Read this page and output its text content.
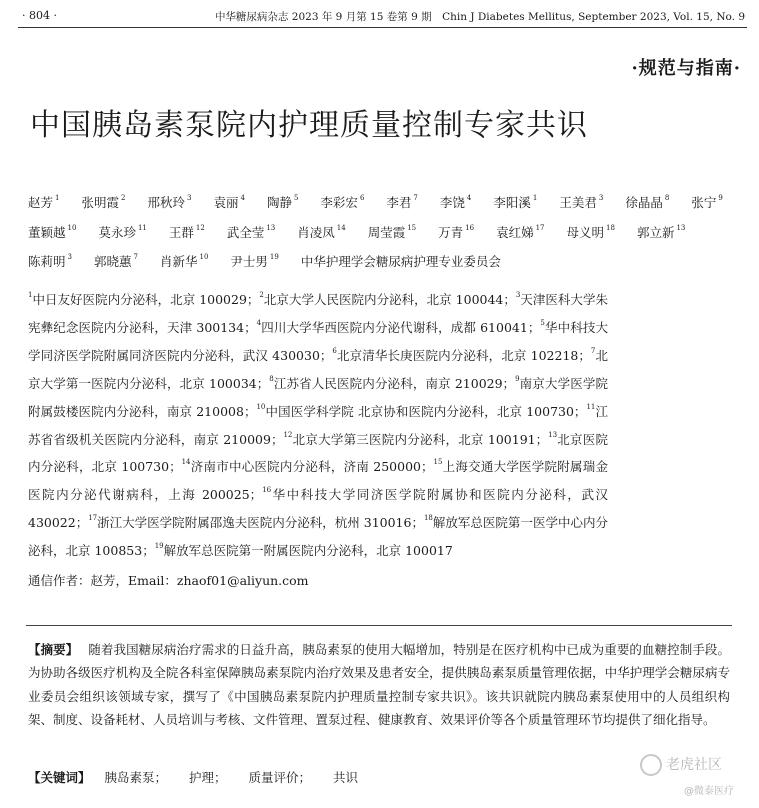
· 804 ·	中华糖尿病杂志 2023 年 9 月第 15 卷第 9 期　Chin J Diabetes Mellitus, September 2023, Vol. 15, No. 9
·规范与指南·
中国胰岛素泵院内护理质量控制专家共识
赵芳 $^1$ 张明霞 $^2$ 邢秋玲 $^3$ 袁丽 $^4$ 陶静 $^5$ 李彩宏 $^6$ 李君 $^7$ 李饶 $^4$ 李阳溪 $^1$ 王美君 $^3$ 徐晶晶 $^8$ 张宁 $^9$董颖越 $^{10}$ 莫永珍 $^{11}$ 王群 $^{12}$ 武全莹 $^{13}$ 肖凌凤 $^{14}$ 周莹霞 $^{15}$ 万青 $^{16}$ 袁红娣 $^{17}$ 母义明 $^{18}$ 郭立新 $^{13}$陈莉明 $^3$ 郭晓蕙 $^7$ 肖新华 $^{10}$ 尹士男 $^{19}$ 中华护理学会糖尿病护理专业委员会
$^1$中日友好医院内分泌科，北京 100029；$^2$北京大学人民医院内分泌科，北京 100044；$^3$天津医科大学朱宪彝纪念医院内分泌科，天津 300134；$^4$四川大学华西医院内分泌代谢科，成都 610041；$^5$华中科技大学同济医学院附属同济医院内分泌科，武汉 430030；$^6$北京清华长庚医院内分泌科，北京 102218；$^7$北京大学第一医院内分泌科，北京 100034；$^8$江苏省人民医院内分泌科，南京 210029；$^9$南京大学医学院附属鼓楼医院内分泌科，南京 210008；$^{10}$中国医学科学院 北京协和医院内分泌科，北京 100730；$^{11}$江苏省省级机关医院内分泌科，南京 210009；$^{12}$北京大学第三医院内分泌科，北京 100191；$^{13}$北京医院内分泌科，北京 100730；$^{14}$济南市中心医院内分泌科，济南 250000；$^{15}$上海交通大学医学院附属瑞金医院内分泌代谢病科，上海 200025；$^{16}$华中科技大学同济医学院附属协和医院内分泌科，武汉 430022；$^{17}$浙江大学医学院附属邵逸夫医院内分泌科，杭州 310016；$^{18}$解放军总医院第一医学中心内分泌科，北京 100853；$^{19}$解放军总医院第一附属医院内分泌科，北京 100017
通信作者：赵芳，Email：zhaof01@aliyun.com
【摘要】 随着我国糖尿病治疗需求的日益升高，胰岛素泵的使用大幅增加，特别是在医疗机构中已成为重要的血糖控制手段。为协助各级医疗机构及全院各科室保障胰岛素泵院内治疗效果及患者安全，提供胰岛素泵质量管理依据，中华护理学会糖尿病专业委员会组织该领域专家，撰写了《中国胰岛素泵院内护理质量控制专家共识》。该共识就院内胰岛素泵使用中的人员组织构架、制度、设备耗材、人员培训与考核、文件管理、置泵过程、健康教育、效果评价等各个质量管理环节均提供了细化指导。
【关键词】 胰岛素泵； 护理； 质量评价； 共识
老虎社区
@微泰医疗
